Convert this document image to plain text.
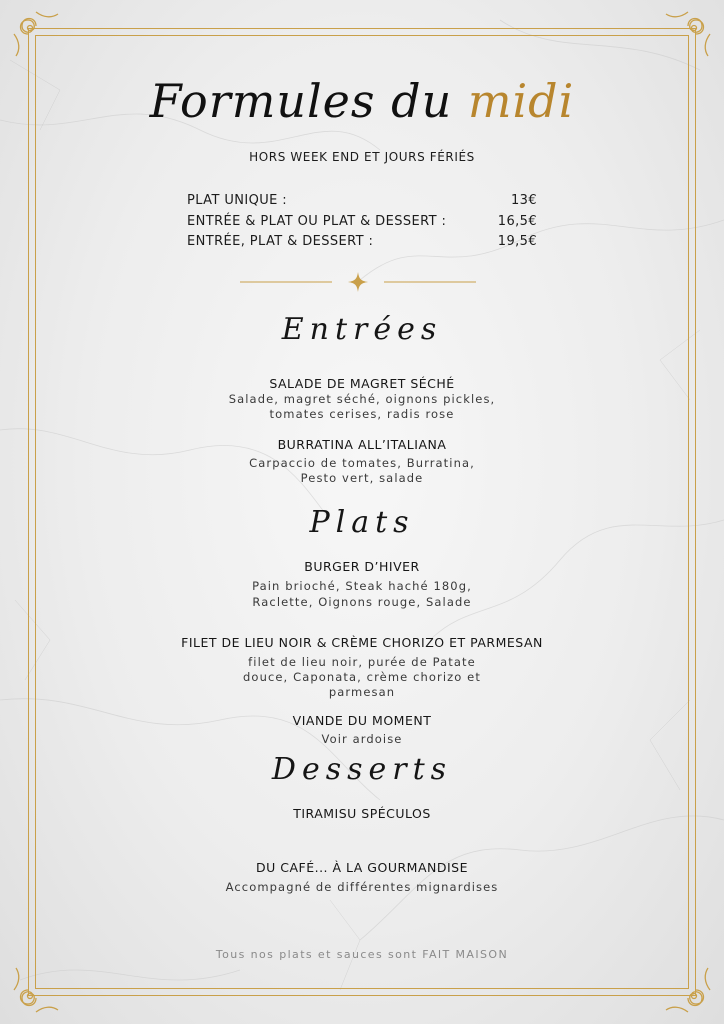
Formules du midi
HORS WEEK END ET JOURS FÉRIÉS
PLAT UNIQUE :	13€
ENTRÉE & PLAT OU PLAT & DESSERT :	16,5€
ENTRÉE, PLAT & DESSERT :	19,5€
Entrées
SALADE DE MAGRET SÉCHÉ
Salade, magret séché, oignons pickles,
tomates cerises, radis rose
BURRATINA ALL’ITALIANA
Carpaccio de tomates, Burratina,
Pesto vert, salade
Plats
BURGER D’HIVER
Pain brioché, Steak haché 180g,
Raclette, Oignons rouge, Salade
FILET DE LIEU NOIR & CRÈME CHORIZO ET PARMESAN
filet de lieu noir, purée de Patate
douce, Caponata, crème chorizo et
parmesan
VIANDE DU MOMENT
Voir ardoise
Desserts
TIRAMISU SPÉCULOS
DU CAFÉ... À LA GOURMANDISE
Accompagné de différentes mignardises
Tous nos plats et sauces sont FAIT MAISON
